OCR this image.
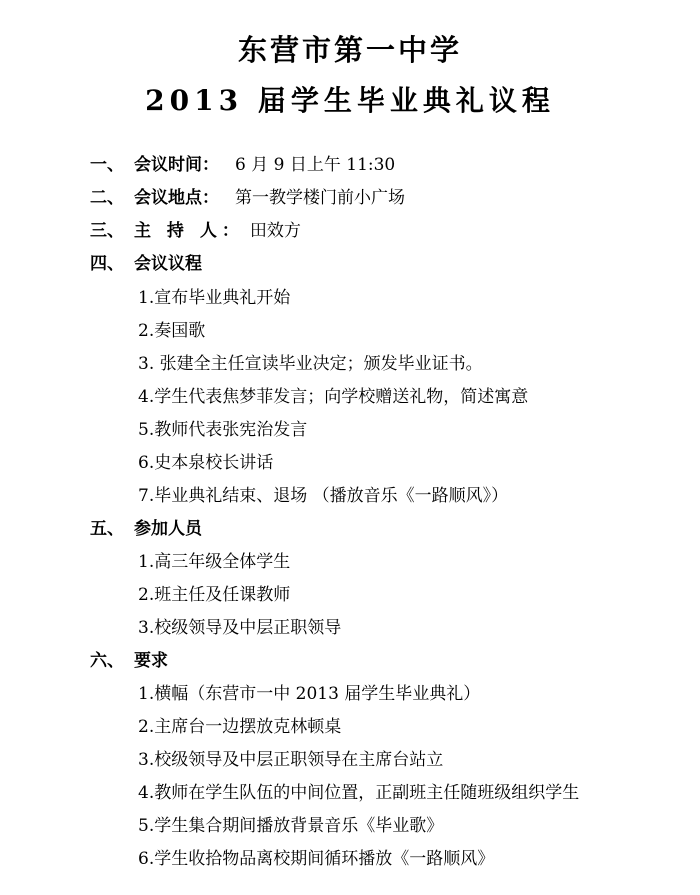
东营市第一中学
2013 届学生毕业典礼议程
一、 会议时间： 6 月 9 日上午 11:30
二、 会议地点： 第一教学楼门前小广场
三、 主 持 人： 田效方
四、 会议议程
1.宣布毕业典礼开始
2.奏国歌
3. 张建全主任宣读毕业决定；颁发毕业证书。
4.学生代表焦梦菲发言；向学校赠送礼物，简述寓意
5.教师代表张宪治发言
6.史本泉校长讲话
7.毕业典礼结束、退场 （播放音乐《一路顺风》）
五、 参加人员
1.高三年级全体学生
2.班主任及任课教师
3.校级领导及中层正职领导
六、 要求
1.横幅（东营市一中 2013 届学生毕业典礼）
2.主席台一边摆放克林顿桌
3.校级领导及中层正职领导在主席台站立
4.教师在学生队伍的中间位置，正副班主任随班级组织学生
5.学生集合期间播放背景音乐《毕业歌》
6.学生收拾物品离校期间循环播放《一路顺风》
